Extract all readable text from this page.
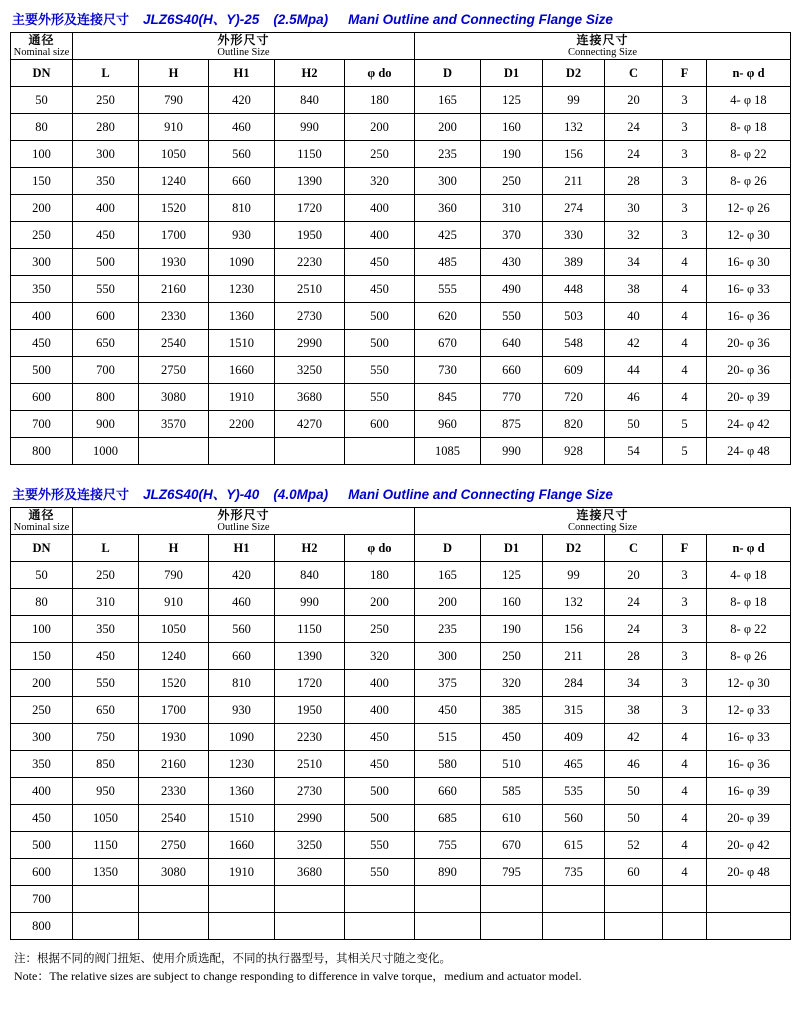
主要外形及连接尺寸 JLZ6S40(H、Y)-25 (2.5Mpa) Mani Outline and Connecting Flange Size
通径
Nominal size	外形尺寸
Outline Size					连接尺寸
Connecting Size					

DN	L	H	H1	H2	φ do	D	D1	D2	C	F	n- φ d
50	250	790	420	840	180	165	125	99	20	3	4- φ 18
80	280	910	460	990	200	200	160	132	24	3	8- φ 18
100	300	1050	560	1150	250	235	190	156	24	3	8- φ 22
150	350	1240	660	1390	320	300	250	211	28	3	8- φ 26
200	400	1520	810	1720	400	360	310	274	30	3	12- φ 26
250	450	1700	930	1950	400	425	370	330	32	3	12- φ 30
300	500	1930	1090	2230	450	485	430	389	34	4	16- φ 30
350	550	2160	1230	2510	450	555	490	448	38	4	16- φ 33
400	600	2330	1360	2730	500	620	550	503	40	4	16- φ 36
450	650	2540	1510	2990	500	670	640	548	42	4	20- φ 36
500	700	2750	1660	3250	550	730	660	609	44	4	20- φ 36
600	800	3080	1910	3680	550	845	770	720	46	4	20- φ 39
700	900	3570	2200	4270	600	960	875	820	50	5	24- φ 42
800	1000					1085	990	928	54	5	24- φ 48
主要外形及连接尺寸 JLZ6S40(H、Y)-40 (4.0Mpa) Mani Outline and Connecting Flange Size
通径
Nominal size	外形尺寸
Outline Size					连接尺寸
Connecting Size					

DN	L	H	H1	H2	φ do	D	D1	D2	C	F	n- φ d
50	250	790	420	840	180	165	125	99	20	3	4- φ 18
80	310	910	460	990	200	200	160	132	24	3	8- φ 18
100	350	1050	560	1150	250	235	190	156	24	3	8- φ 22
150	450	1240	660	1390	320	300	250	211	28	3	8- φ 26
200	550	1520	810	1720	400	375	320	284	34	3	12- φ 30
250	650	1700	930	1950	400	450	385	315	38	3	12- φ 33
300	750	1930	1090	2230	450	515	450	409	42	4	16- φ 33
350	850	2160	1230	2510	450	580	510	465	46	4	16- φ 36
400	950	2330	1360	2730	500	660	585	535	50	4	16- φ 39
450	1050	2540	1510	2990	500	685	610	560	50	4	20- φ 39
500	1150	2750	1660	3250	550	755	670	615	52	4	20- φ 42
600	1350	3080	1910	3680	550	890	795	735	60	4	20- φ 48
700											
800											
注：根据不同的阀门扭矩、使用介质选配，不同的执行器型号，其相关尺寸随之变化。
Note：The relative sizes are subject to change responding to difference in valve torque，medium and actuator model.
